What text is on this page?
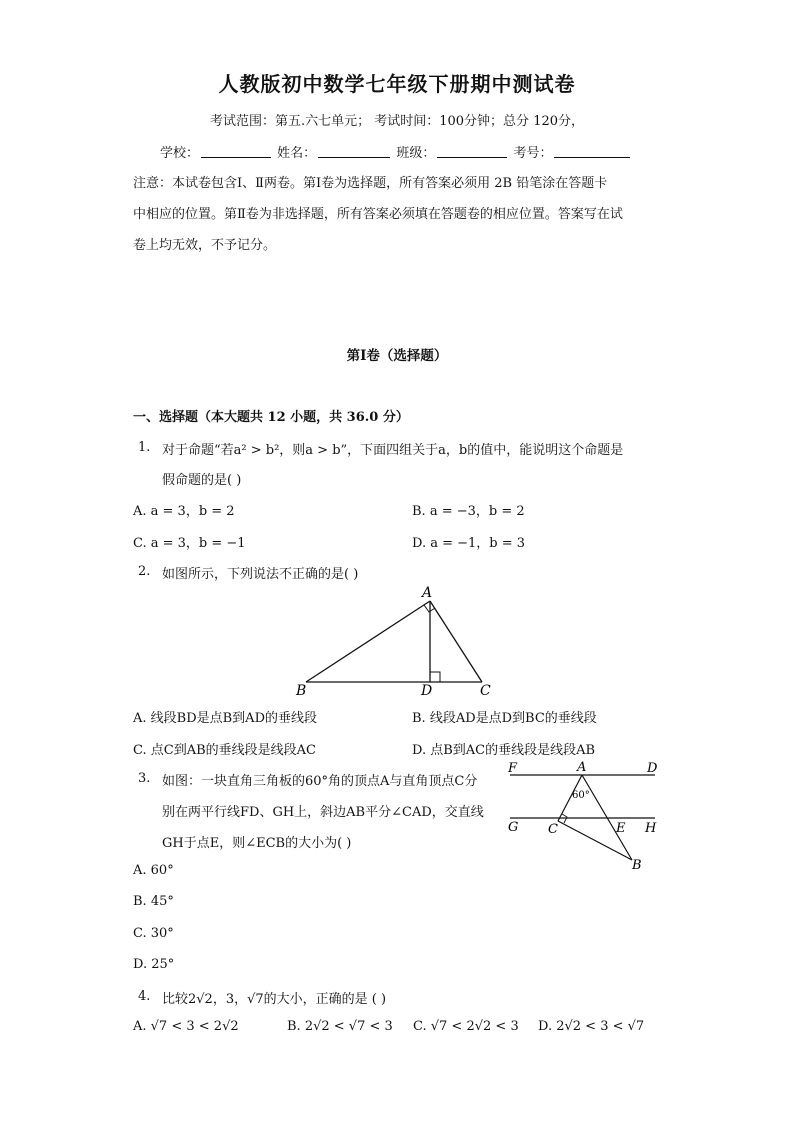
人教版初中数学七年级下册期中测试卷
考试范围：第五.六七单元； 考试时间：100分钟；总分 120分，
学校：	姓名：	班级：	考号：
注意：本试卷包含Ⅰ、Ⅱ两卷。第Ⅰ卷为选择题，所有答案必须用 2B 铅笔涂在答题卡
中相应的位置。第Ⅱ卷为非选择题，所有答案必须填在答题卷的相应位置。答案写在试
卷上均无效，不予记分。
第Ⅰ卷（选择题）
一、选择题（本大题共 12 小题，共 36.0 分）
1. 对于命题“若a² > b²，则a > b”，下面四组关于a，b的值中，能说明这个命题是
假命题的是( )
A. a = 3，b = 2	B. a = −3，b = 2
C. a = 3，b = −1	D. a = −1，b = 3
2. 如图所示，下列说法不正确的是( )
A
B	D	C
A. 线段BD是点B到AD的垂线段	B. 线段AD是点D到BC的垂线段
C. 点C到AB的垂线段是线段AC	D. 点B到AC的垂线段是线段AB
3. 如图：一块直角三角板的60°角的顶点A与直角顶点C分
别在两平行线FD、GH上，斜边AB平分∠CAD，交直线
GH于点E，则∠ECB的大小为( )
F	A	D
60°
G C	E H
B
A. 60°
B. 45°
C. 30°
D. 25°
4. 比较2√2，3，√7的大小，正确的是 ( )
A. √7 < 3 < 2√2	B. 2√2 < √7 < 3 C. √7 < 2√2 < 3 D. 2√2 < 3 < √7
